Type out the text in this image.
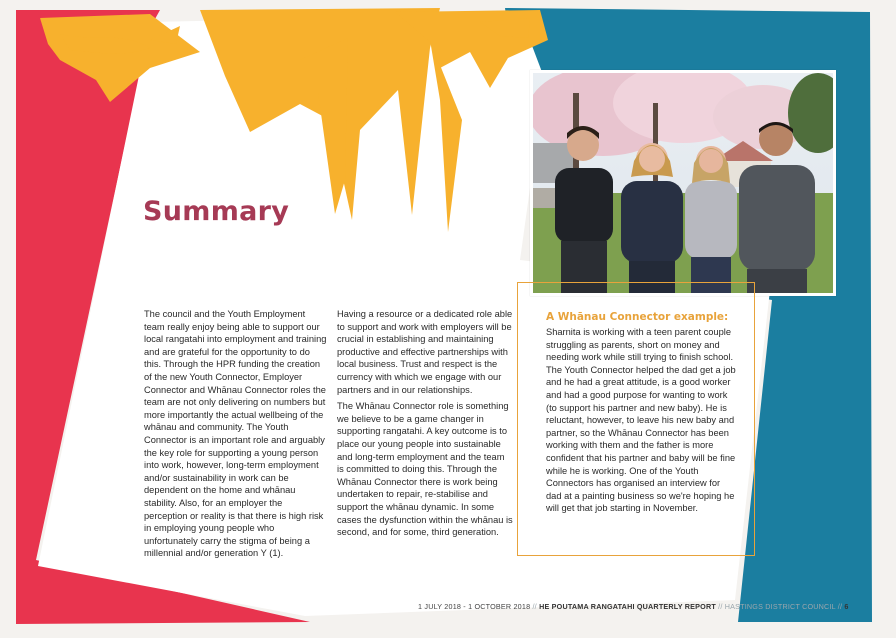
Summary

The council and the Youth Employment team really enjoy being able to support our local rangatahi into employment and training and are grateful for the opportunity to do this. Through the HPR funding the creation of the new Youth Connector, Employer Connector and Whānau Connector roles the team are not only delivering on numbers but more importantly the actual wellbeing of the whānau and community. The Youth Connector is an important role and arguably the key role for supporting a young person into work, however, long-term employment and/or sustainability in work can be dependent on the home and whānau stability. Also, for an employer the perception or reality is that there is high risk in employing young people who unfortunately carry the stigma of being a millennial and/or generation Y (1).

Having a resource or a dedicated role able to support and work with employers will be crucial in establishing and maintaining productive and effective partnerships with local business. Trust and respect is the currency with which we engage with our partners and in our relationships.

The Whānau Connector role is something we believe to be a game changer in supporting rangatahi. A key outcome is to place our young people into sustainable and long-term employment and the team is committed to doing this. Through the Whānau Connector there is work being undertaken to repair, re-stabilise and support the whānau dynamic. In some cases the dysfunction within the whānau is second, and for some, third generation.

A Whānau Connector example:

Sharnita is working with a teen parent couple struggling as parents, short on money and needing work while still trying to finish school. The Youth Connector helped the dad get a job and he had a great attitude, is a good worker and had a good purpose for wanting to work (to support his partner and new baby). He is reluctant, however, to leave his new baby and partner, so the Whānau Connector has been working with them and the father is more confident that his partner and baby will be fine while he is working. One of the Youth Connectors has organised an interview for dad at a painting business so we're hoping he will get that job starting in November.

1 JULY 2018 - 1 OCTOBER 2018 // HE POUTAMA RANGATAHI QUARTERLY REPORT // HASTINGS DISTRICT COUNCIL // 6
